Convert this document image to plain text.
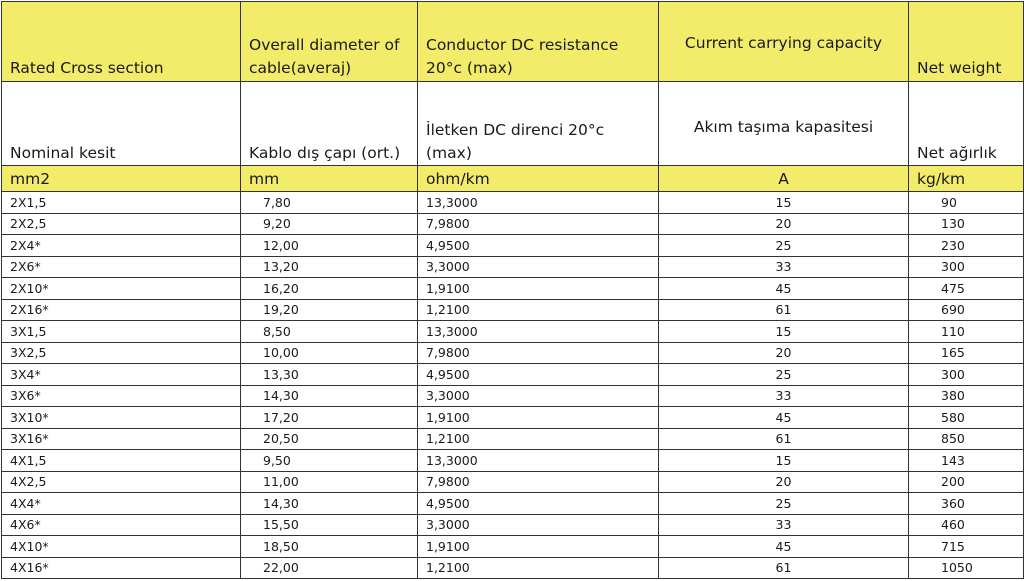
Rated Cross section	Overall diameter of cable(averaj)	Conductor DC resistance 20°c (max)	Current carrying capacity	Net weight
Nominal kesit	Kablo dış çapı (ort.)	İletken DC direnci 20°c (max)	Akım taşıma kapasitesi	Net ağırlık
mm2	mm	ohm/km	A	kg/km
2X1,5	7,80	13,3000	15	90
2X2,5	9,20	7,9800	20	130
2X4*	12,00	4,9500	25	230
2X6*	13,20	3,3000	33	300
2X10*	16,20	1,9100	45	475
2X16*	19,20	1,2100	61	690
3X1,5	8,50	13,3000	15	110
3X2,5	10,00	7,9800	20	165
3X4*	13,30	4,9500	25	300
3X6*	14,30	3,3000	33	380
3X10*	17,20	1,9100	45	580
3X16*	20,50	1,2100	61	850
4X1,5	9,50	13,3000	15	143
4X2,5	11,00	7,9800	20	200
4X4*	14,30	4,9500	25	360
4X6*	15,50	3,3000	33	460
4X10*	18,50	1,9100	45	715
4X16*	22,00	1,2100	61	1050
